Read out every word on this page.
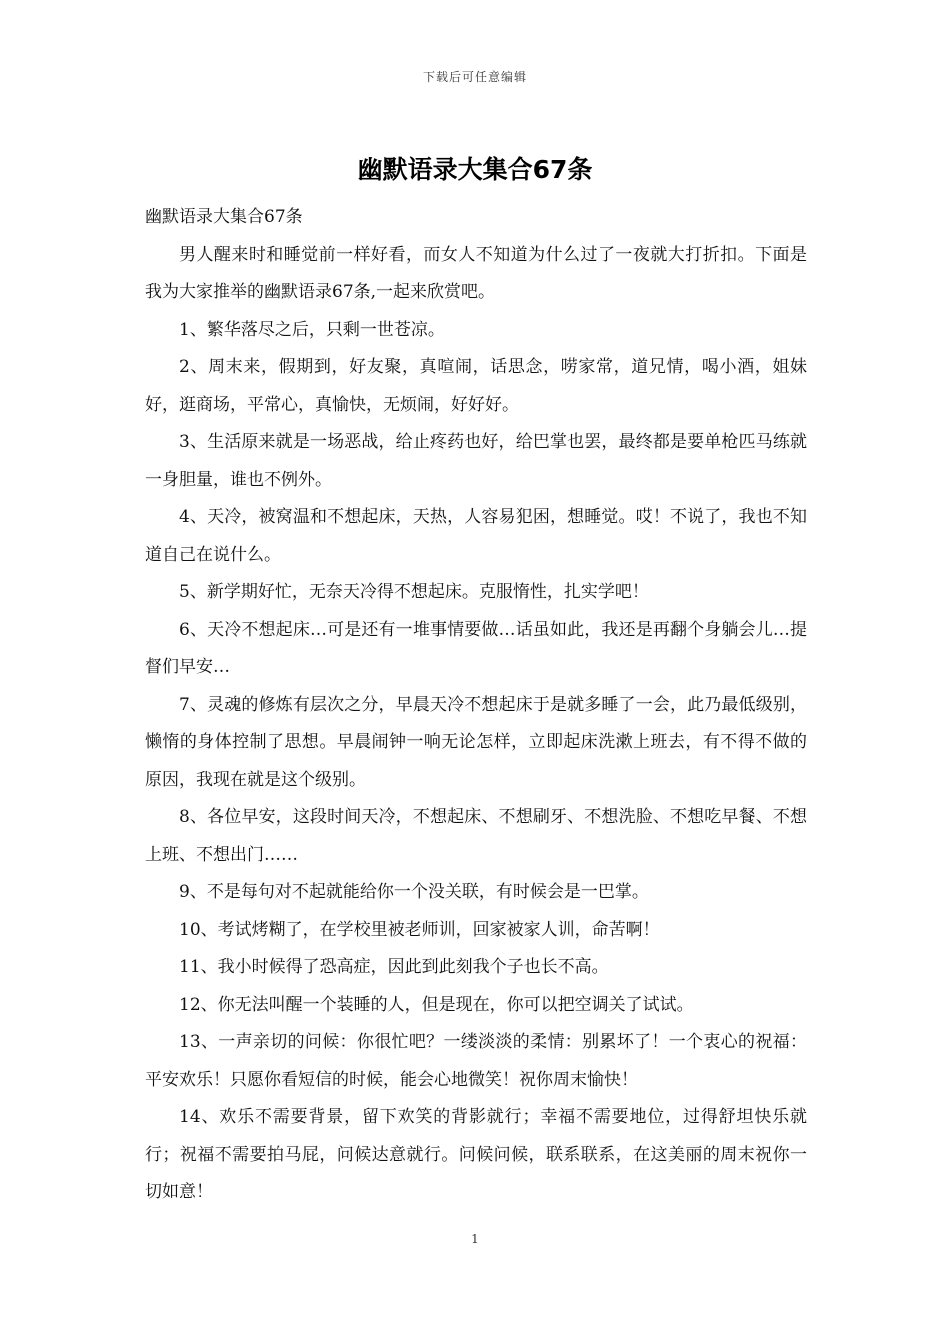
下载后可任意编辑
幽默语录大集合67条

幽默语录大集合67条

男人醒来时和睡觉前一样好看，而女人不知道为什么过了一夜就大打折扣。下面是我为大家推举的幽默语录67条,一起来欣赏吧。

1、繁华落尽之后，只剩一世苍凉。

2、周末来，假期到，好友聚，真喧闹，话思念，唠家常，道兄情，喝小酒，姐妹好，逛商场，平常心，真愉快，无烦闹，好好好。

3、生活原来就是一场恶战，给止疼药也好，给巴掌也罢，最终都是要单枪匹马练就一身胆量，谁也不例外。

4、天冷，被窝温和不想起床，天热，人容易犯困，想睡觉。哎！不说了，我也不知道自己在说什么。

5、新学期好忙，无奈天冷得不想起床。克服惰性，扎实学吧！

6、天冷不想起床…可是还有一堆事情要做…话虽如此，我还是再翻个身躺会儿…提督们早安…

7、灵魂的修炼有层次之分，早晨天冷不想起床于是就多睡了一会，此乃最低级别，懒惰的身体控制了思想。早晨闹钟一响无论怎样，立即起床洗漱上班去，有不得不做的原因，我现在就是这个级别。

8、各位早安，这段时间天冷，不想起床、不想刷牙、不想洗脸、不想吃早餐、不想上班、不想出门……

9、不是每句对不起就能给你一个没关联，有时候会是一巴掌。

10、考试烤糊了，在学校里被老师训，回家被家人训，命苦啊！

11、我小时候得了恐高症，因此到此刻我个子也长不高。

12、你无法叫醒一个装睡的人，但是现在，你可以把空调关了试试。

13、一声亲切的问候：你很忙吧？一缕淡淡的柔情：别累坏了！一个衷心的祝福：平安欢乐！只愿你看短信的时候，能会心地微笑！祝你周末愉快！

14、欢乐不需要背景，留下欢笑的背影就行；幸福不需要地位，过得舒坦快乐就行；祝福不需要拍马屁，问候达意就行。问候问候，联系联系，在这美丽的周末祝你一切如意！

1
